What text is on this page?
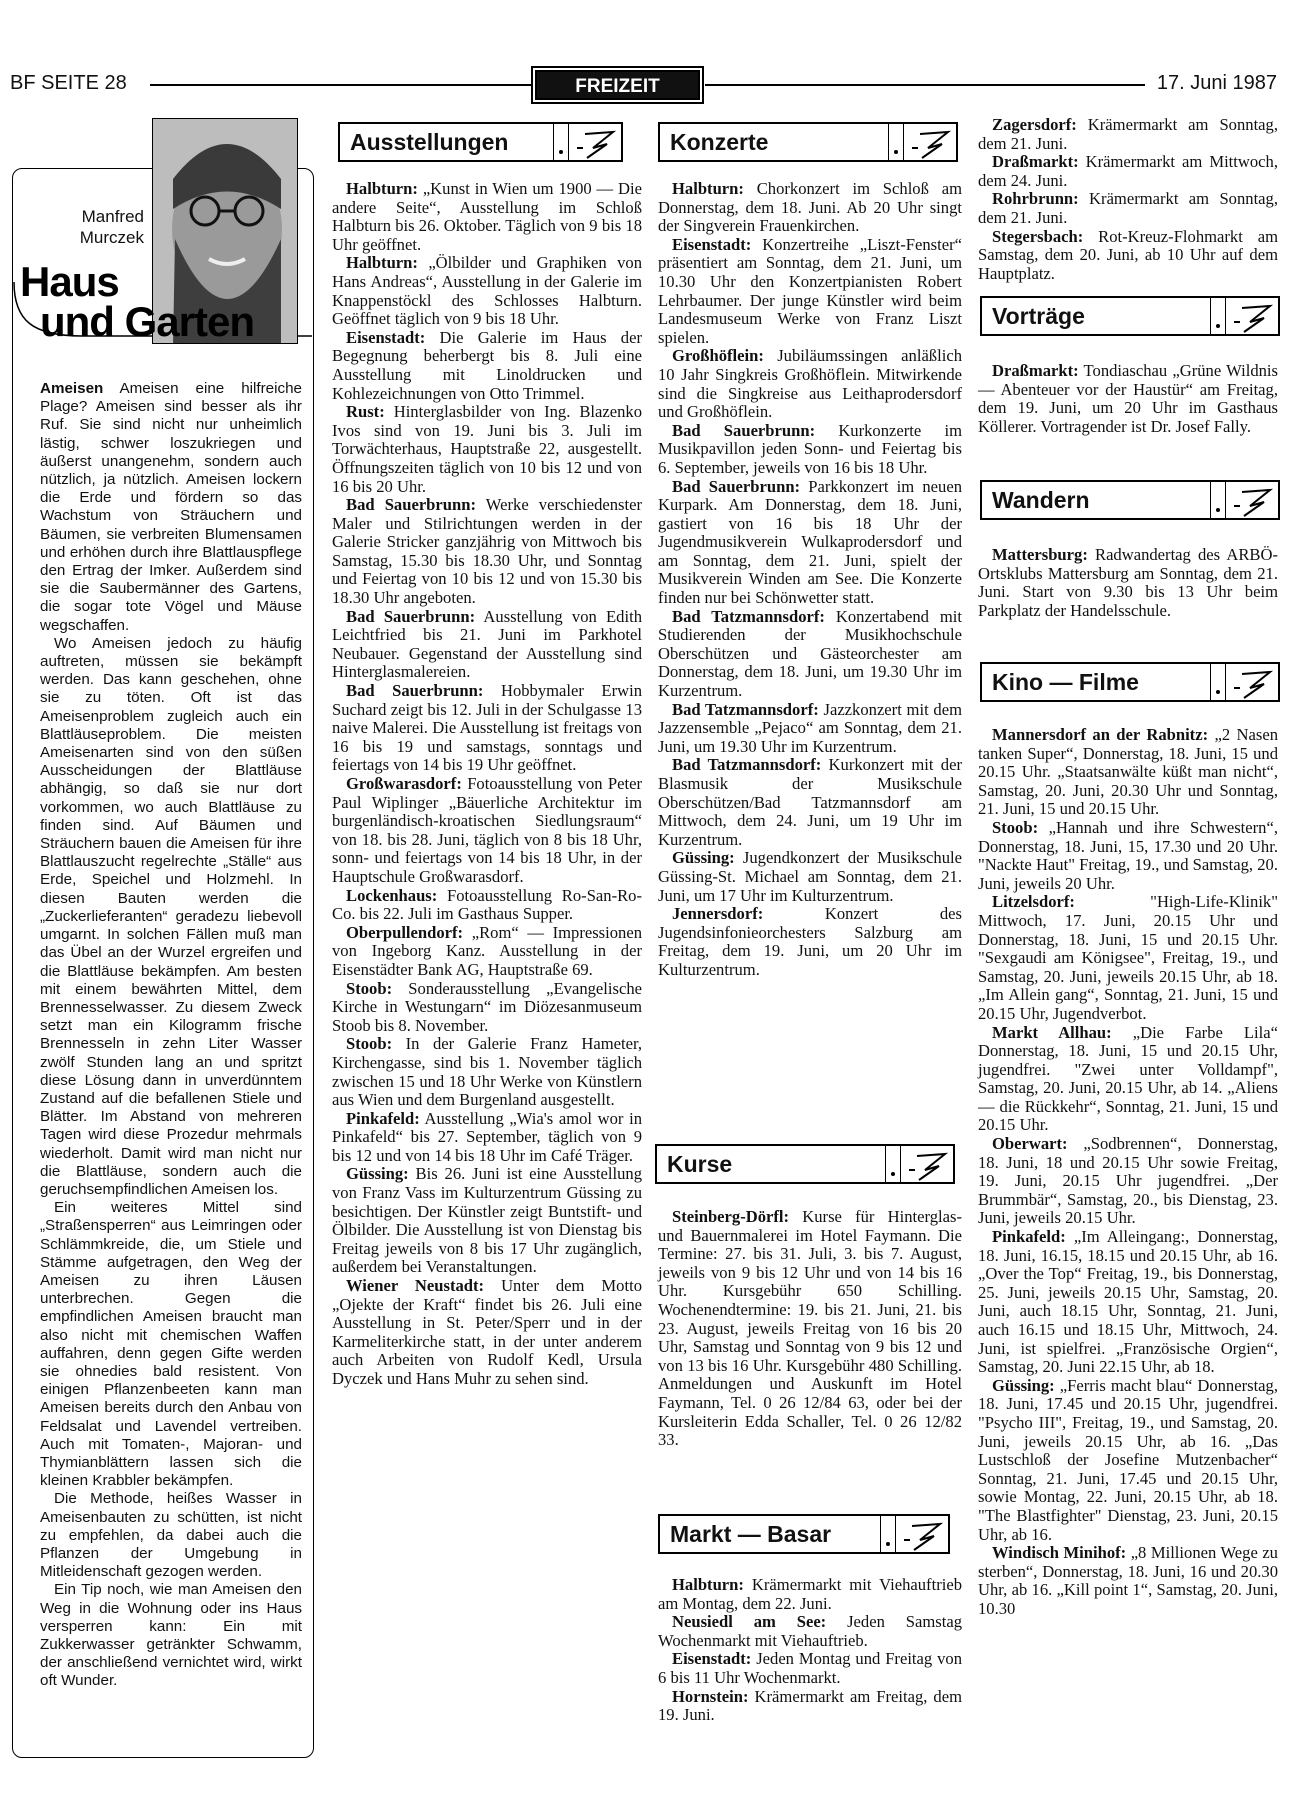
BF SEITE 28	FREIZEIT	17. Juni 1987
Manfred
Murczek
Haus
und Garten

Ameisen Ameisen eine hilfreiche Plage? Ameisen sind besser als ihr Ruf. Sie sind nicht nur unheimlich lästig, schwer loszukriegen und äußerst unangenehm, sondern auch nützlich, ja nützlich. Ameisen lockern die Erde und fördern so das Wachstum von Sträuchern und Bäumen, sie verbreiten Blumensamen und erhöhen durch ihre Blattlauspflege den Ertrag der Imker. Außerdem sind sie die Saubermänner des Gartens, die sogar tote Vögel und Mäuse wegschaffen.

Wo Ameisen jedoch zu häufig auftreten, müssen sie bekämpft werden. Das kann geschehen, ohne sie zu töten. Oft ist das Ameisenproblem zugleich auch ein Blattläuseproblem. Die meisten Ameisenarten sind von den süßen Ausscheidungen der Blattläuse abhängig, so daß sie nur dort vorkommen, wo auch Blattläuse zu finden sind. Auf Bäumen und Sträuchern bauen die Ameisen für ihre Blattlauszucht regelrechte „Ställe“ aus Erde, Speichel und Holzmehl. In diesen Bauten werden die „Zuckerlieferanten“ geradezu liebevoll umgarnt. In solchen Fällen muß man das Übel an der Wurzel ergreifen und die Blattläuse bekämpfen. Am besten mit einem bewährten Mittel, dem Brennesselwasser. Zu diesem Zweck setzt man ein Kilogramm frische Brennesseln in zehn Liter Wasser zwölf Stunden lang an und spritzt diese Lösung dann in unverdünntem Zustand auf die befallenen Stiele und Blätter. Im Abstand von mehreren Tagen wird diese Prozedur mehrmals wiederholt. Damit wird man nicht nur die Blattläuse, sondern auch die geruchsempfindlichen Ameisen los.

Ein weiteres Mittel sind „Straßensperren“ aus Leimringen oder Schlämmkreide, die, um Stiele und Stämme aufgetragen, den Weg der Ameisen zu ihren Läusen unterbrechen. Gegen die empfindlichen Ameisen braucht man also nicht mit chemischen Waffen auffahren, denn gegen Gifte werden sie ohnedies bald resistent. Von einigen Pflanzenbeeten kann man Ameisen bereits durch den Anbau von Feldsalat und Lavendel vertreiben. Auch mit Tomaten-, Majoran- und Thymianblättern lassen sich die kleinen Krabbler bekämpfen.

Die Methode, heißes Wasser in Ameisenbauten zu schütten, ist nicht zu empfehlen, da dabei auch die Pflanzen der Umgebung in Mitleidenschaft gezogen werden.

Ein Tip noch, wie man Ameisen den Weg in die Wohnung oder ins Haus versperren kann: Ein mit Zukkerwasser getränkter Schwamm, der anschließend vernichtet wird, wirkt oft Wunder.

Ausstellungen

Halbturn: „Kunst in Wien um 1900 — Die andere Seite“, Ausstellung im Schloß Halbturn bis 26. Oktober. Täglich von 9 bis 18 Uhr geöffnet.

Halbturn: „Ölbilder und Graphiken von Hans Andreas“, Ausstellung in der Galerie im Knappenstöckl des Schlosses Halbturn. Geöffnet täglich von 9 bis 18 Uhr.

Eisenstadt: Die Galerie im Haus der Begegnung beherbergt bis 8. Juli eine Ausstellung mit Linoldrucken und Kohlezeichnungen von Otto Trimmel.

Rust: Hinterglasbilder von Ing. Blazenko Ivos sind von 19. Juni bis 3. Juli im Torwächterhaus, Hauptstraße 22, ausgestellt. Öffnungszeiten täglich von 10 bis 12 und von 16 bis 20 Uhr.

Bad Sauerbrunn: Werke verschiedenster Maler und Stilrichtungen werden in der Galerie Stricker ganzjährig von Mittwoch bis Samstag, 15.30 bis 18.30 Uhr, und Sonntag und Feiertag von 10 bis 12 und von 15.30 bis 18.30 Uhr angeboten.

Bad Sauerbrunn: Ausstellung von Edith Leichtfried bis 21. Juni im Parkhotel Neubauer. Gegenstand der Ausstellung sind Hinterglasmalereien.

Bad Sauerbrunn: Hobbymaler Erwin Suchard zeigt bis 12. Juli in der Schulgasse 13 naive Malerei. Die Ausstellung ist freitags von 16 bis 19 und samstags, sonntags und feiertags von 14 bis 19 Uhr geöffnet.

Großwarasdorf: Fotoausstellung von Peter Paul Wiplinger „Bäuerliche Architektur im burgenländisch-kroatischen Siedlungsraum“ von 18. bis 28. Juni, täglich von 8 bis 18 Uhr, sonn- und feiertags von 14 bis 18 Uhr, in der Hauptschule Großwarasdorf.

Lockenhaus: Fotoausstellung Ro-San-Ro-Co. bis 22. Juli im Gasthaus Supper.

Oberpullendorf: „Rom“ — Impressionen von Ingeborg Kanz. Ausstellung in der Eisenstädter Bank AG, Hauptstraße 69.

Stoob: Sonderausstellung „Evangelische Kirche in Westungarn“ im Diözesanmuseum Stoob bis 8. November.

Stoob: In der Galerie Franz Hameter, Kirchengasse, sind bis 1. November täglich zwischen 15 und 18 Uhr Werke von Künstlern aus Wien und dem Burgenland ausgestellt.

Pinkafeld: Ausstellung „Wia's amol wor in Pinkafeld“ bis 27. September, täglich von 9 bis 12 und von 14 bis 18 Uhr im Café Träger.

Güssing: Bis 26. Juni ist eine Ausstellung von Franz Vass im Kulturzentrum Güssing zu besichtigen. Der Künstler zeigt Buntstift- und Ölbilder. Die Ausstellung ist von Dienstag bis Freitag jeweils von 8 bis 17 Uhr zugänglich, außerdem bei Veranstaltungen.

Wiener Neustadt: Unter dem Motto „Ojekte der Kraft“ findet bis 26. Juli eine Ausstellung in St. Peter/Sperr und in der Karmeliterkirche statt, in der unter anderem auch Arbeiten von Rudolf Kedl, Ursula Dyczek und Hans Muhr zu sehen sind.

Konzerte

Halbturn: Chorkonzert im Schloß am Donnerstag, dem 18. Juni. Ab 20 Uhr singt der Singverein Frauenkirchen.

Eisenstadt: Konzertreihe „Liszt-Fenster“ präsentiert am Sonntag, dem 21. Juni, um 10.30 Uhr den Konzertpianisten Robert Lehrbaumer. Der junge Künstler wird beim Landesmuseum Werke von Franz Liszt spielen.

Großhöflein: Jubiläumssingen anläßlich 10 Jahr Singkreis Großhöflein. Mitwirkende sind die Singkreise aus Leithaprodersdorf und Großhöflein.

Bad Sauerbrunn: Kurkonzerte im Musikpavillon jeden Sonn- und Feiertag bis 6. September, jeweils von 16 bis 18 Uhr.

Bad Sauerbrunn: Parkkonzert im neuen Kurpark. Am Donnerstag, dem 18. Juni, gastiert von 16 bis 18 Uhr der Jugendmusikverein Wulkaprodersdorf und am Sonntag, dem 21. Juni, spielt der Musikverein Winden am See. Die Konzerte finden nur bei Schönwetter statt.

Bad Tatzmannsdorf: Konzertabend mit Studierenden der Musikhochschule Oberschützen und Gästeorchester am Donnerstag, dem 18. Juni, um 19.30 Uhr im Kurzentrum.

Bad Tatzmannsdorf: Jazzkonzert mit dem Jazzensemble „Pejaco“ am Sonntag, dem 21. Juni, um 19.30 Uhr im Kurzentrum.

Bad Tatzmannsdorf: Kurkonzert mit der Blasmusik der Musikschule Oberschützen/Bad Tatzmannsdorf am Mittwoch, dem 24. Juni, um 19 Uhr im Kurzentrum.

Güssing: Jugendkonzert der Musikschule Güssing-St. Michael am Sonntag, dem 21. Juni, um 17 Uhr im Kulturzentrum.

Jennersdorf: Konzert des Jugendsinfonieorchesters Salzburg am Freitag, dem 19. Juni, um 20 Uhr im Kulturzentrum.

Kurse

Steinberg-Dörfl: Kurse für Hinterglas- und Bauernmalerei im Hotel Faymann. Die Termine: 27. bis 31. Juli, 3. bis 7. August, jeweils von 9 bis 12 Uhr und von 14 bis 16 Uhr. Kursgebühr 650 Schilling. Wochenendtermine: 19. bis 21. Juni, 21. bis 23. August, jeweils Freitag von 16 bis 20 Uhr, Samstag und Sonntag von 9 bis 12 und von 13 bis 16 Uhr. Kursgebühr 480 Schilling. Anmeldungen und Auskunft im Hotel Faymann, Tel. 0 26 12/84 63, oder bei der Kursleiterin Edda Schaller, Tel. 0 26 12/82 33.

Markt — Basar

Halbturn: Krämermarkt mit Viehauftrieb am Montag, dem 22. Juni.

Neusiedl am See: Jeden Samstag Wochenmarkt mit Viehauftrieb.

Eisenstadt: Jeden Montag und Freitag von 6 bis 11 Uhr Wochenmarkt.

Hornstein: Krämermarkt am Freitag, dem 19. Juni.

Zagersdorf: Krämermarkt am Sonntag, dem 21. Juni.

Draßmarkt: Krämermarkt am Mittwoch, dem 24. Juni.

Rohrbrunn: Krämermarkt am Sonntag, dem 21. Juni.

Stegersbach: Rot-Kreuz-Flohmarkt am Samstag, dem 20. Juni, ab 10 Uhr auf dem Hauptplatz.

Vorträge

Draßmarkt: Tondiaschau „Grüne Wildnis — Abenteuer vor der Haustür“ am Freitag, dem 19. Juni, um 20 Uhr im Gasthaus Köllerer. Vortragender ist Dr. Josef Fally.

Wandern

Mattersburg: Radwandertag des ARBÖ-Ortsklubs Mattersburg am Sonntag, dem 21. Juni. Start von 9.30 bis 13 Uhr beim Parkplatz der Handelsschule.

Kino — Filme

Mannersdorf an der Rabnitz: „2 Nasen tanken Super“, Donnerstag, 18. Juni, 15 und 20.15 Uhr. „Staatsanwälte küßt man nicht“, Samstag, 20. Juni, 20.30 Uhr und Sonntag, 21. Juni, 15 und 20.15 Uhr.

Stoob: „Hannah und ihre Schwestern“, Donnerstag, 18. Juni, 15, 17.30 und 20 Uhr. "Nackte Haut" Freitag, 19., und Samstag, 20. Juni, jeweils 20 Uhr.

Litzelsdorf: "High-Life-Klinik" Mittwoch, 17. Juni, 20.15 Uhr und Donnerstag, 18. Juni, 15 und 20.15 Uhr. "Sexgaudi am Königsee", Freitag, 19., und Samstag, 20. Juni, jeweils 20.15 Uhr, ab 18. „Im Allein gang“, Sonntag, 21. Juni, 15 und 20.15 Uhr, Jugendverbot.

Markt Allhau: „Die Farbe Lila“ Donnerstag, 18. Juni, 15 und 20.15 Uhr, jugendfrei. "Zwei unter Volldampf", Samstag, 20. Juni, 20.15 Uhr, ab 14. „Aliens — die Rückkehr“, Sonntag, 21. Juni, 15 und 20.15 Uhr.

Oberwart: „Sodbrennen“, Donnerstag, 18. Juni, 18 und 20.15 Uhr sowie Freitag, 19. Juni, 20.15 Uhr jugendfrei. „Der Brummbär“, Samstag, 20., bis Dienstag, 23. Juni, jeweils 20.15 Uhr.

Pinkafeld: „Im Alleingang:, Donnerstag, 18. Juni, 16.15, 18.15 und 20.15 Uhr, ab 16. „Over the Top“ Freitag, 19., bis Donnerstag, 25. Juni, jeweils 20.15 Uhr, Samstag, 20. Juni, auch 18.15 Uhr, Sonntag, 21. Juni, auch 16.15 und 18.15 Uhr, Mittwoch, 24. Juni, ist spielfrei. „Französische Orgien“, Samstag, 20. Juni 22.15 Uhr, ab 18.

Güssing: „Ferris macht blau“ Donnerstag, 18. Juni, 17.45 und 20.15 Uhr, jugendfrei. "Psycho III", Freitag, 19., und Samstag, 20. Juni, jeweils 20.15 Uhr, ab 16. „Das Lustschloß der Josefine Mutzenbacher“ Sonntag, 21. Juni, 17.45 und 20.15 Uhr, sowie Montag, 22. Juni, 20.15 Uhr, ab 18. "The Blastfighter" Dienstag, 23. Juni, 20.15 Uhr, ab 16.

Windisch Minihof: „8 Millionen Wege zu sterben“, Donnerstag, 18. Juni, 16 und 20.30 Uhr, ab 16. „Kill point 1“, Samstag, 20. Juni, 10.30
